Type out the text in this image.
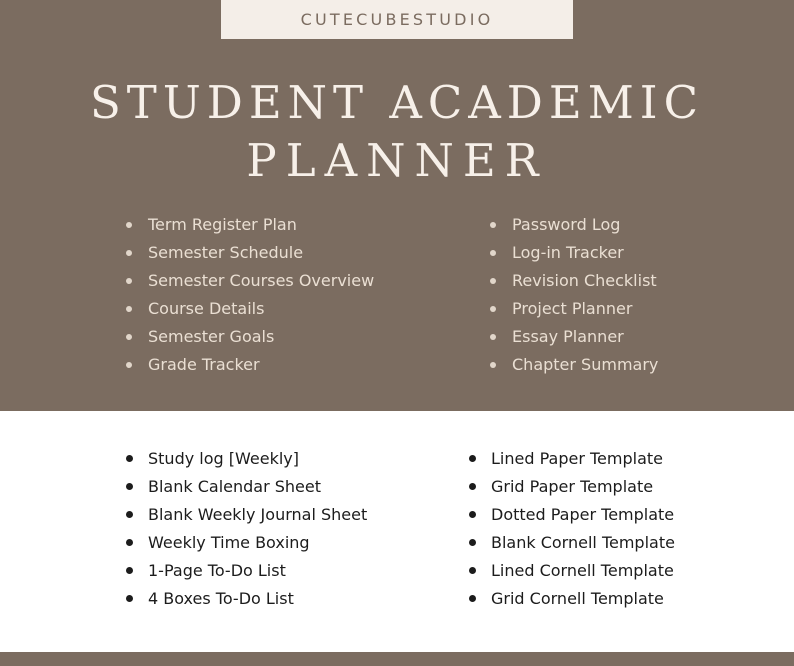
CUTECUBESTUDIO
STUDENT ACADEMIC
PLANNER
Term Register Plan
Semester Schedule
Semester Courses Overview
Course Details
Semester Goals
Grade Tracker
Password Log
Log-in Tracker
Revision Checklist
Project Planner
Essay Planner
Chapter Summary
Study log [Weekly]
Blank Calendar Sheet
Blank Weekly Journal Sheet
Weekly Time Boxing
1-Page To-Do List
4 Boxes To-Do List
Lined Paper Template
Grid Paper Template
Dotted Paper Template
Blank Cornell Template
Lined Cornell Template
Grid Cornell Template
